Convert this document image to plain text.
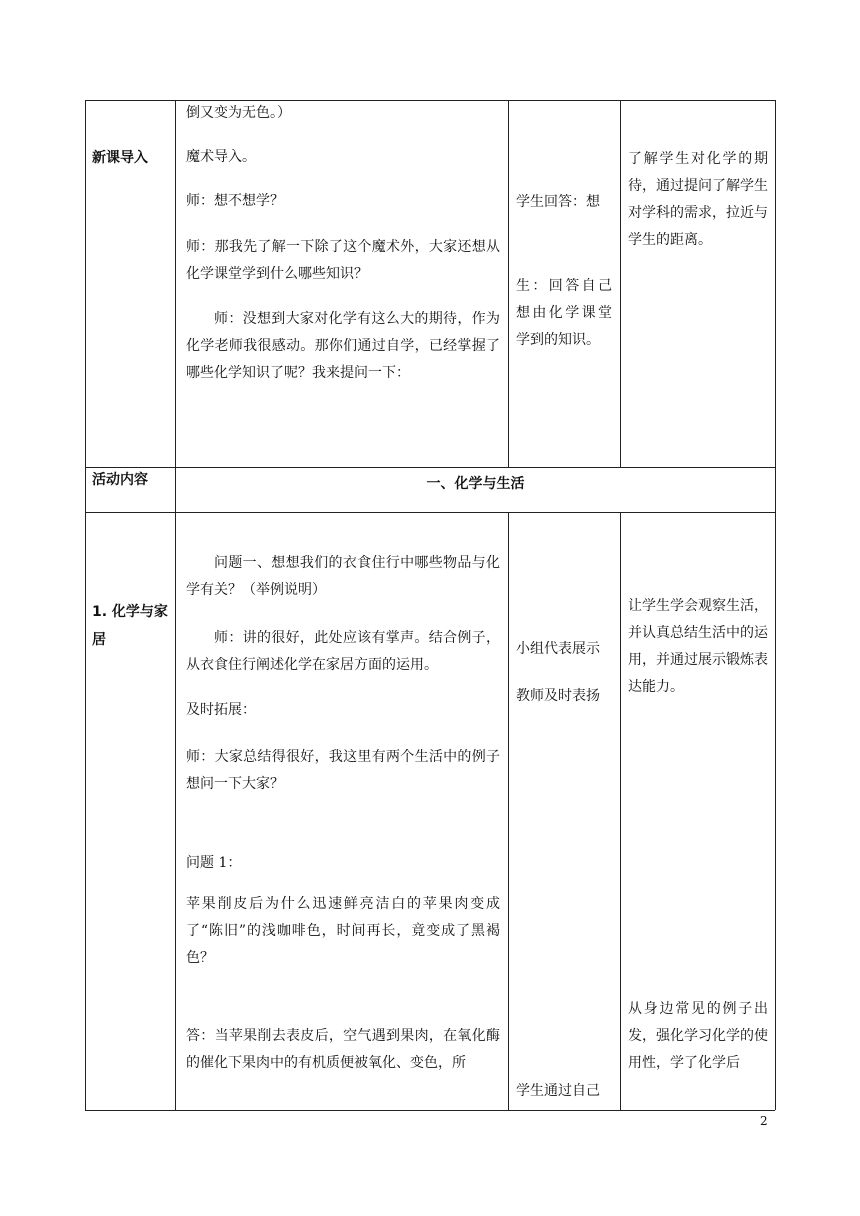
新课导入
倒又变为无色。）
魔术导入。
师：想不想学？
师：那我先了解一下除了这个魔术外，大家还想从化学课堂学到什么哪些知识？
师：没想到大家对化学有这么大的期待，作为化学老师我很感动。那你们通过自学，已经掌握了哪些化学知识了呢？我来提问一下：
学生回答：想
生：回答自己想由化学课堂学到的知识。
了解学生对化学的期待，通过提问了解学生对学科的需求，拉近与学生的距离。
活动内容	一、化学与生活
1. 化学与家居
问题一、想想我们的衣食住行中哪些物品与化学有关？（举例说明）
师：讲的很好，此处应该有掌声。结合例子，从衣食住行阐述化学在家居方面的运用。
及时拓展：
师：大家总结得很好，我这里有两个生活中的例子想问一下大家？
问题 1：
苹果削皮后为什么迅速鲜亮洁白的苹果肉变成了“陈旧”的浅咖啡色，时间再长，竟变成了黑褐色？
答：当苹果削去表皮后，空气遇到果肉，在氧化酶的催化下果肉中的有机质便被氧化、变色，所
小组代表展示
教师及时表扬
学生通过自己
让学生学会观察生活，并认真总结生活中的运用，并通过展示锻炼表达能力。
从身边常见的例子出发，强化学习化学的使用性，学了化学后
2
